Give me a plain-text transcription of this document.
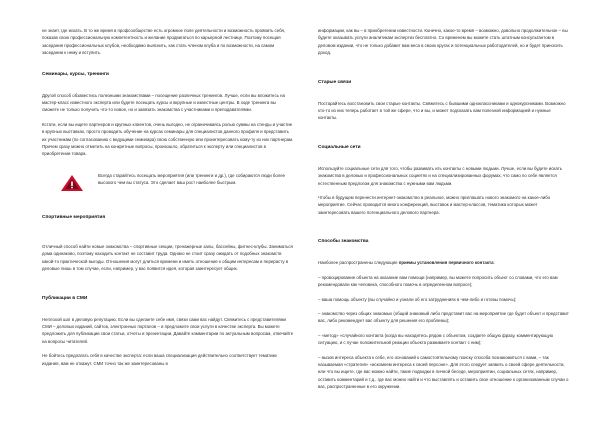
не знает, где искать. В то же время в профсообществе есть огромное поле деятельности и возможность проявить себя, показав свою профессиональную компетентность и желание продвигаться по карьерной лестнице. Поэтому посещая заседания профессиональных клубов, необходимо выяснить, как стать членом клуба и по возможности, на самом заседании к нему и вступить.

Семинары, курсы, тренинги

Другой способ обзавестись полезными знакомствами – посещение различных тренингов. Лучше, если вы вложитесь на мастер-класс известного эксперта или будете посещать курсы и вкрупные и известные центры. В ходе тренинга вы сможете не только получить что-то новое, но и завязать знакомства с участниками и преподавателями.

Кстати, если вы ищете партнеров и крупных клиентов, очень выгодно, не ограничиваясь ролью суммы на стенды и участие в крупных выставках, просто проводить обучение на курсах семинары для специалистов данного профиля и представить их участникам (по согласованию с ведущими семинара) свою собственную или проинтересовать кому-ту из них партнерам. Причем сразу можно отметить на конкретные вопросы, произошло, обратиться к эксперту или специалистов в приобретении товара.

Всегда старайтесь посещать мероприятия (или тренинги и др.), где собираются люди более высокого чем вы статуса. Это сделает ваш рост наиболее быстрым.
Спортивные мероприятия

Отличный способ найти новые знакомства – спортивные секции, тренажерные залы, бассейны, фитнес-клубы. Заниматься дома одинаково, поэтому находить контакт не составит труда. Однако не стоит сразу ожидать от подобных знакомств какой-то практической выгоды. Отношения могут длиться времени и иметь отношение к общим интересам и перерасту в деловые лишь в том случае, если, например, у вас появится идея, которая заинтересует общих.

Публикации в СМИ

Неплохой шаг в деловую репутацию. Если вы сделаете себе имя, связи сами вас найдут. Свяжитесь с представителями СМИ – деловых изданий, сайтов, электронных порталов – и предложите свои услуги в качестве эксперта. Вы можете предложить для публикации свои статьи, отчеты и презентации. Давайте комментарии по актуальным вопросам, отвечайте на вопросы читателей.

Не бойтесь предлагать себя в качестве эксперта: если ваша специализация действительно соответствует тематике издания, вам не откажут. СМИ точно так же заинтересованы в

информации, как вы – в приобретении известности. Конечно, какое-то время – возможно, довольно продолжительное – вы будете оказывать услуги аналитикам экспертиз бесплатно. Со временем вы можете стать штатным консультантом в деловом издании, что не только добавит вам веса в своих кругах и потенциальных работодателей, но и будет приносить доход.

Старые связи

Постарайтесь восстановить свои старые контакты. Свяжитесь с бывшими одноклассниками и однокурсниками. Возможно кто-то из них теперь работает в той же сфере, что и вы, и может подсказать вам полезной информацией и нужные контакты.

Социальные сети

Используйте социальные сети для того, чтобы развивать ить контакты с новыми людьми. Лучше, если вы будете искать знакомства в деловых и профессиональных социетях и на специализированных форумах, что само по себе является естественным предлогом для знакомства с нужными вам людьми.

Чтобы в будущем перенести интернет-знакомство в реальное, можно приглашать нового знакомого на какое-либо мероприятие. Сейчас проводится много конференций, выставок и мастер-классов, тематика которых может заинтересовать вашего потенциального делового партнера.

Способы знакомства

Наиболее распространены следующие приемы установления первичного контакта:

– провоцирование объекта на оказание вам помощи (например, вы можете попросить объект со словами, что его вам рекомендовали как человека, способного помочь в определенном вопросе);

– ваша помощь объекту (вы случайно и узнали об его затруднениях в чем-либо и готовы помочь);

– знакомство через общих знакомых (общий знакомый либо представит вас на мероприятие где будет объект и представит вас, либо рекомендует вас объекту для решения его проблемы);

– «метод» «случайного контакта (когда вы находитесь рядом с объектом, создаете общую фразу, комментирующую ситуацию, и с лучае положительной реакции объекта развиваете контакт с ним);

– вызов интереса объекта к себе, его оснований к самостоятельному поиску способа познакомиться с вами, – так называемая «стратегия» «искомеем интереса к своей персоне». Для этого следует заявить о своей сфере деятельности, или что вы ищете, где вас можно найти, такие подводки в личной беседе, мероприятии, социальных сетях, например, оставить комментарий и т.д., где вас можно найти и что выставлять и оставить свое отношение к организованным случаи о вас, распространенные в его окружении.
